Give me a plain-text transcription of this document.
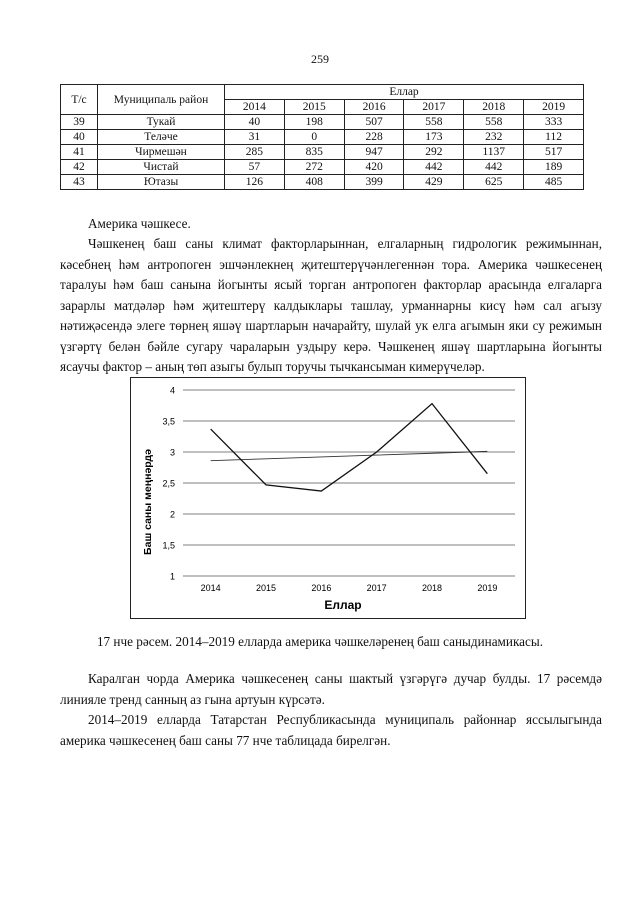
259
Т/с	Муниципаль район	Еллар					
		2014	2015	2016	2017	2018	2019
39	Тукай	40	198	507	558	558	333
40	Теләче	31	0	228	173	232	112
41	Чирмешән	285	835	947	292	1137	517
42	Чистай	57	272	420	442	442	189
43	Ютазы	126	408	399	429	625	485
Америка чәшкесе.
Чәшкенең баш саны климат факторларыннан, елгаларның гидрологик режимыннан, кәсебнең һәм антропоген эшчәнлекнең җитештерүчәнлегеннән тора. Америка чәшкесенең таралуы һәм баш санына йогынты ясый торган антропоген факторлар арасында елгаларга зарарлы матдәләр һәм җитештерү калдыклары ташлау, урманнарны кисү һәм сал агызу нәтиҗәсендә элеге төрнең яшәү шартларын начарайту, шулай ук елга агымын яки су режимын үзгәртү белән бәйле сугару чараларын уздыру керә. Чәшкенең яшәү шартларына йогынты ясаучы фактор – аның төп азыгы булып торучы тычкансыман кимерүчеләр.
1
1,5
2
2,5
3
3,5
4
2014	2015	2016	2017	2018	2019
Баш саны меңнәрдә
Еллар
17 нче рәсем. 2014–2019 елларда америка чәшкеләренең баш саныдинамикасы.
Каралган чорда Америка чәшкесенең саны шактый үзгәрүгә дучар булды. 17 рәсемдә линияле тренд санның аз гына артуын күрсәтә.
2014–2019 елларда Татарстан Республикасында муниципаль районнар яссылыгында америка чәшкесенең баш саны 77 нче таблицада бирелгән.
